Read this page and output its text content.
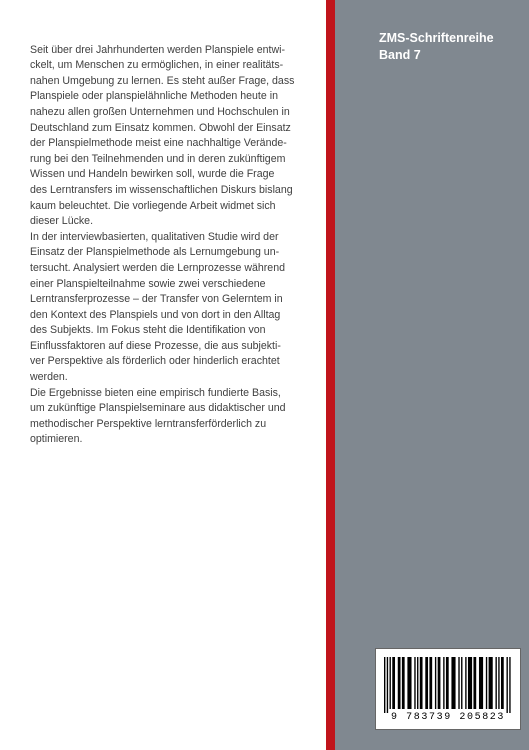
Seit über drei Jahrhunderten werden Planspiele entwi-
ckelt, um Menschen zu ermöglichen, in einer realitäts-
nahen Umgebung zu lernen. Es steht außer Frage, dass
Planspiele oder planspielähnliche Methoden heute in
nahezu allen großen Unternehmen und Hochschulen in
Deutschland zum Einsatz kommen. Obwohl der Einsatz
der Planspielmethode meist eine nachhaltige Verände-
rung bei den Teilnehmenden und in deren zukünftigem
Wissen und Handeln bewirken soll, wurde die Frage
des Lerntransfers im wissenschaftlichen Diskurs bislang
kaum beleuchtet. Die vorliegende Arbeit widmet sich
dieser Lücke.
In der interviewbasierten, qualitativen Studie wird der
Einsatz der Planspielmethode als Lernumgebung un-
tersucht. Analysiert werden die Lernprozesse während
einer Planspielteilnahme sowie zwei verschiedene
Lerntransferprozesse – der Transfer von Gelerntem in
den Kontext des Planspiels und von dort in den Alltag
des Subjekts. Im Fokus steht die Identifikation von
Einflussfaktoren auf diese Prozesse, die aus subjekti-
ver Perspektive als förderlich oder hinderlich erachtet
werden.
Die Ergebnisse bieten eine empirisch fundierte Basis,
um zukünftige Planspielseminare aus didaktischer und
methodischer Perspektive lerntransferförderlich zu
optimieren.

ZMS-Schriftenreihe
Band 7
9 783739 205823
